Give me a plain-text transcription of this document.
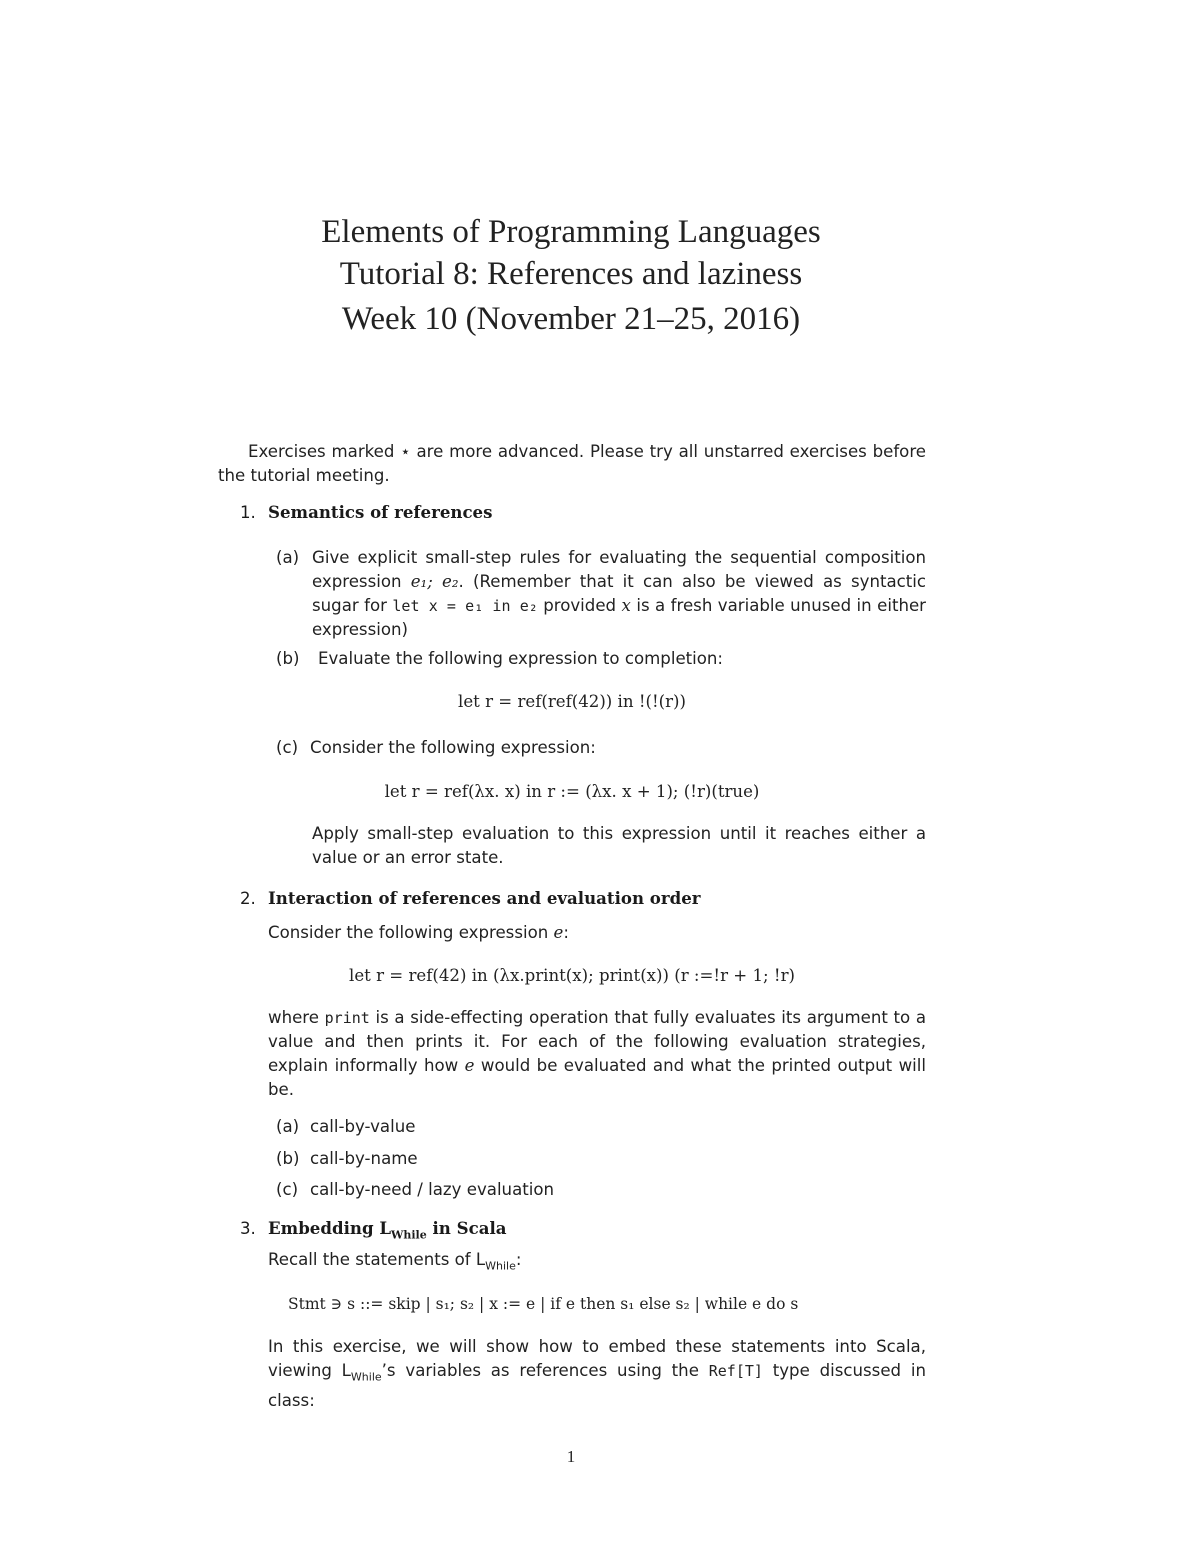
Elements of Programming Languages
Tutorial 8: References and laziness
Week 10 (November 21–25, 2016)
Exercises marked ⋆ are more advanced. Please try all unstarred exercises before the tutorial meeting.
1. Semantics of references
(a) Give explicit small-step rules for evaluating the sequential composition expression e₁; e₂. (Remember that it can also be viewed as syntactic sugar for let x = e₁ in e₂ provided x is a fresh variable unused in either expression)
(b) Evaluate the following expression to completion:
let r = ref(ref(42)) in !(!(r))
(c) Consider the following expression:
let r = ref(λx. x) in r := (λx. x + 1); (!r)(true)
Apply small-step evaluation to this expression until it reaches either a value or an error state.
2. Interaction of references and evaluation order
Consider the following expression e:
let r = ref(42) in (λx.print(x); print(x)) (r :=!r + 1; !r)
where print is a side-effecting operation that fully evaluates its argument to a value and then prints it. For each of the following evaluation strategies, explain informally how e would be evaluated and what the printed output will be.
(a) call-by-value
(b) call-by-name
(c) call-by-need / lazy evaluation
3. Embedding $L_{While}$ in Scala
Recall the statements of $L_{While}$:
Stmt ∋ s ::= skip | s₁; s₂ | x := e | if e then s₁ else s₂ | while e do s
In this exercise, we will show how to embed these statements into Scala, viewing $L_{While}’s$ variables as references using the Ref[T] type discussed in class:
1
